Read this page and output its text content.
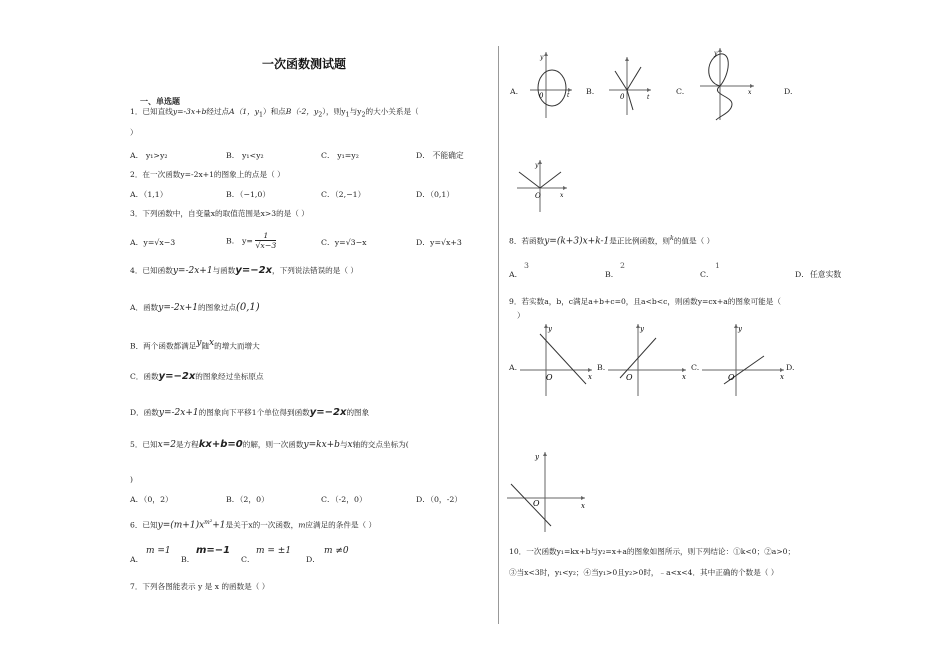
一次函数测试题
一、单选题
1．已知直线y=-3x+b经过点A（1，$y_1$）和点B（-2，$y_2$），则$y_1$与$y_2$的大小关系是（
）
A． y₁>y₂	B． y₁<y₂	C． y₁=y₂	D． 不能确定
2．在一次函数y=-2x+1的图象上的点是（ ）
A．（1,1）	B．（−1,0）	C．（2,−1）	D．（0,1）
3．下列函数中，自变量x的取值范围是x>3的是（ ）
A．y=√x−3	B． $y= \frac{1}{√x-3}$	C．y=√3−x	D．y=√x+3
4．已知函数y=-2x+1与函数y=−2x，下列说法错误的是（ ）
A．函数y=-2x+1的图象过点(0,1)
B．两个函数都满足$^y$随$^x$的增大而增大
C．函数y=−2x的图象经过坐标原点
D．函数y=-2x+1的图象向下平移1个单位得到函数y=−2x的图象
5．已知x=2是方程kx+b=0的解，则一次函数y=kx+b与x轴的交点坐标为(
)
A．（0，2）	B．（2，0）	C．（-2，0）	D．（0，-2）
6．已知$y=(m+1)x^{m^2}+1$是关于x的一次函数，m应满足的条件是（ ）
A．
m =1
B．
m=−1
C．
m = ±1
D．
m ≠0
7．下列各图能表示 y 是 x 的函数是（ ）
A.	0	t
y
B.
0	t
C.
y
x	D.
O	x
y
8．若函数y=(k+3)x+k-1是正比例函数，则$^k$的值是（ ）
A．
3
B．
2
C．
1
D． 任意实数
9．若实数a，b，c满足a+b+c=0，且a<b<c，则函数y=cx+a的图象可能是（
）
A.
O	x
y
B.
O	x
y
C.
O	x
y
D.
O	x
y
10．一次函数y₁=kx+b与y₂=x+a的图象如图所示，则下列结论：①k<0；②a>0；
③当x<3时，y₁<y₂；④当y₁>0且y₂>0时，﹣a<x<4．其中正确的个数是（ ）
